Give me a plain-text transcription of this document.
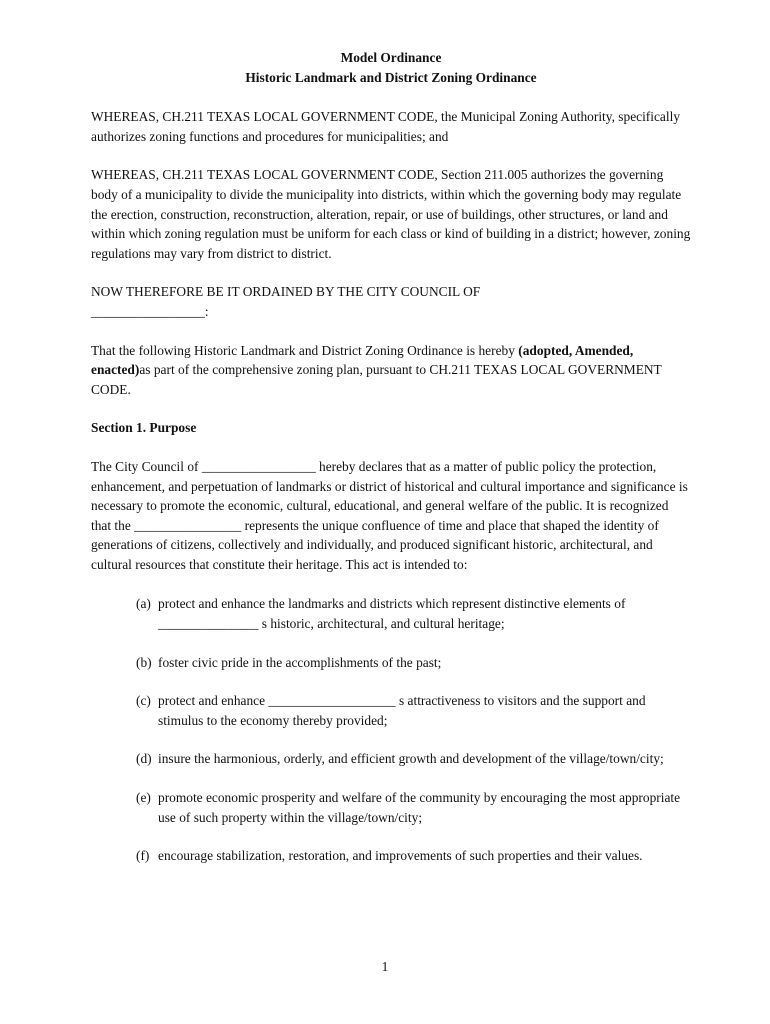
Model Ordinance

Historic Landmark and District Zoning Ordinance

WHEREAS, CH.211 TEXAS LOCAL GOVERNMENT CODE, the Municipal Zoning Authority, specifically authorizes zoning functions and procedures for municipalities; and

WHEREAS, CH.211 TEXAS LOCAL GOVERNMENT CODE, Section 211.005 authorizes the governing body of a municipality to divide the municipality into districts, within which the governing body may regulate the erection, construction, reconstruction, alteration, repair, or use of buildings, other structures, or land and within which zoning regulation must be uniform for each class or kind of building in a district; however, zoning regulations may vary from district to district.

NOW THEREFORE BE IT ORDAINED BY THE CITY COUNCIL OF
_________________:

That the following Historic Landmark and District Zoning Ordinance is hereby (adopted, Amended, enacted)as part of the comprehensive zoning plan, pursuant to CH.211 TEXAS LOCAL GOVERNMENT CODE.

Section 1. Purpose

The City Council of _________________ hereby declares that as a matter of public policy the protection, enhancement, and perpetuation of landmarks or district of historical and cultural importance and significance is necessary to promote the economic, cultural, educational, and general welfare of the public. It is recognized that the ________________ represents the unique confluence of time and place that shaped the identity of generations of citizens, collectively and individually, and produced significant historic, architectural, and cultural resources that constitute their heritage. This act is intended to:

(a) protect and enhance the landmarks and districts which represent distinctive elements of _______________ s historic, architectural, and cultural heritage;
(b) foster civic pride in the accomplishments of the past;
(c) protect and enhance ___________________ s attractiveness to visitors and the support and stimulus to the economy thereby provided;
(d) insure the harmonious, orderly, and efficient growth and development of the village/town/city;
(e) promote economic prosperity and welfare of the community by encouraging the most appropriate use of such property within the village/town/city;
(f) encourage stabilization, restoration, and improvements of such properties and their values.
1
